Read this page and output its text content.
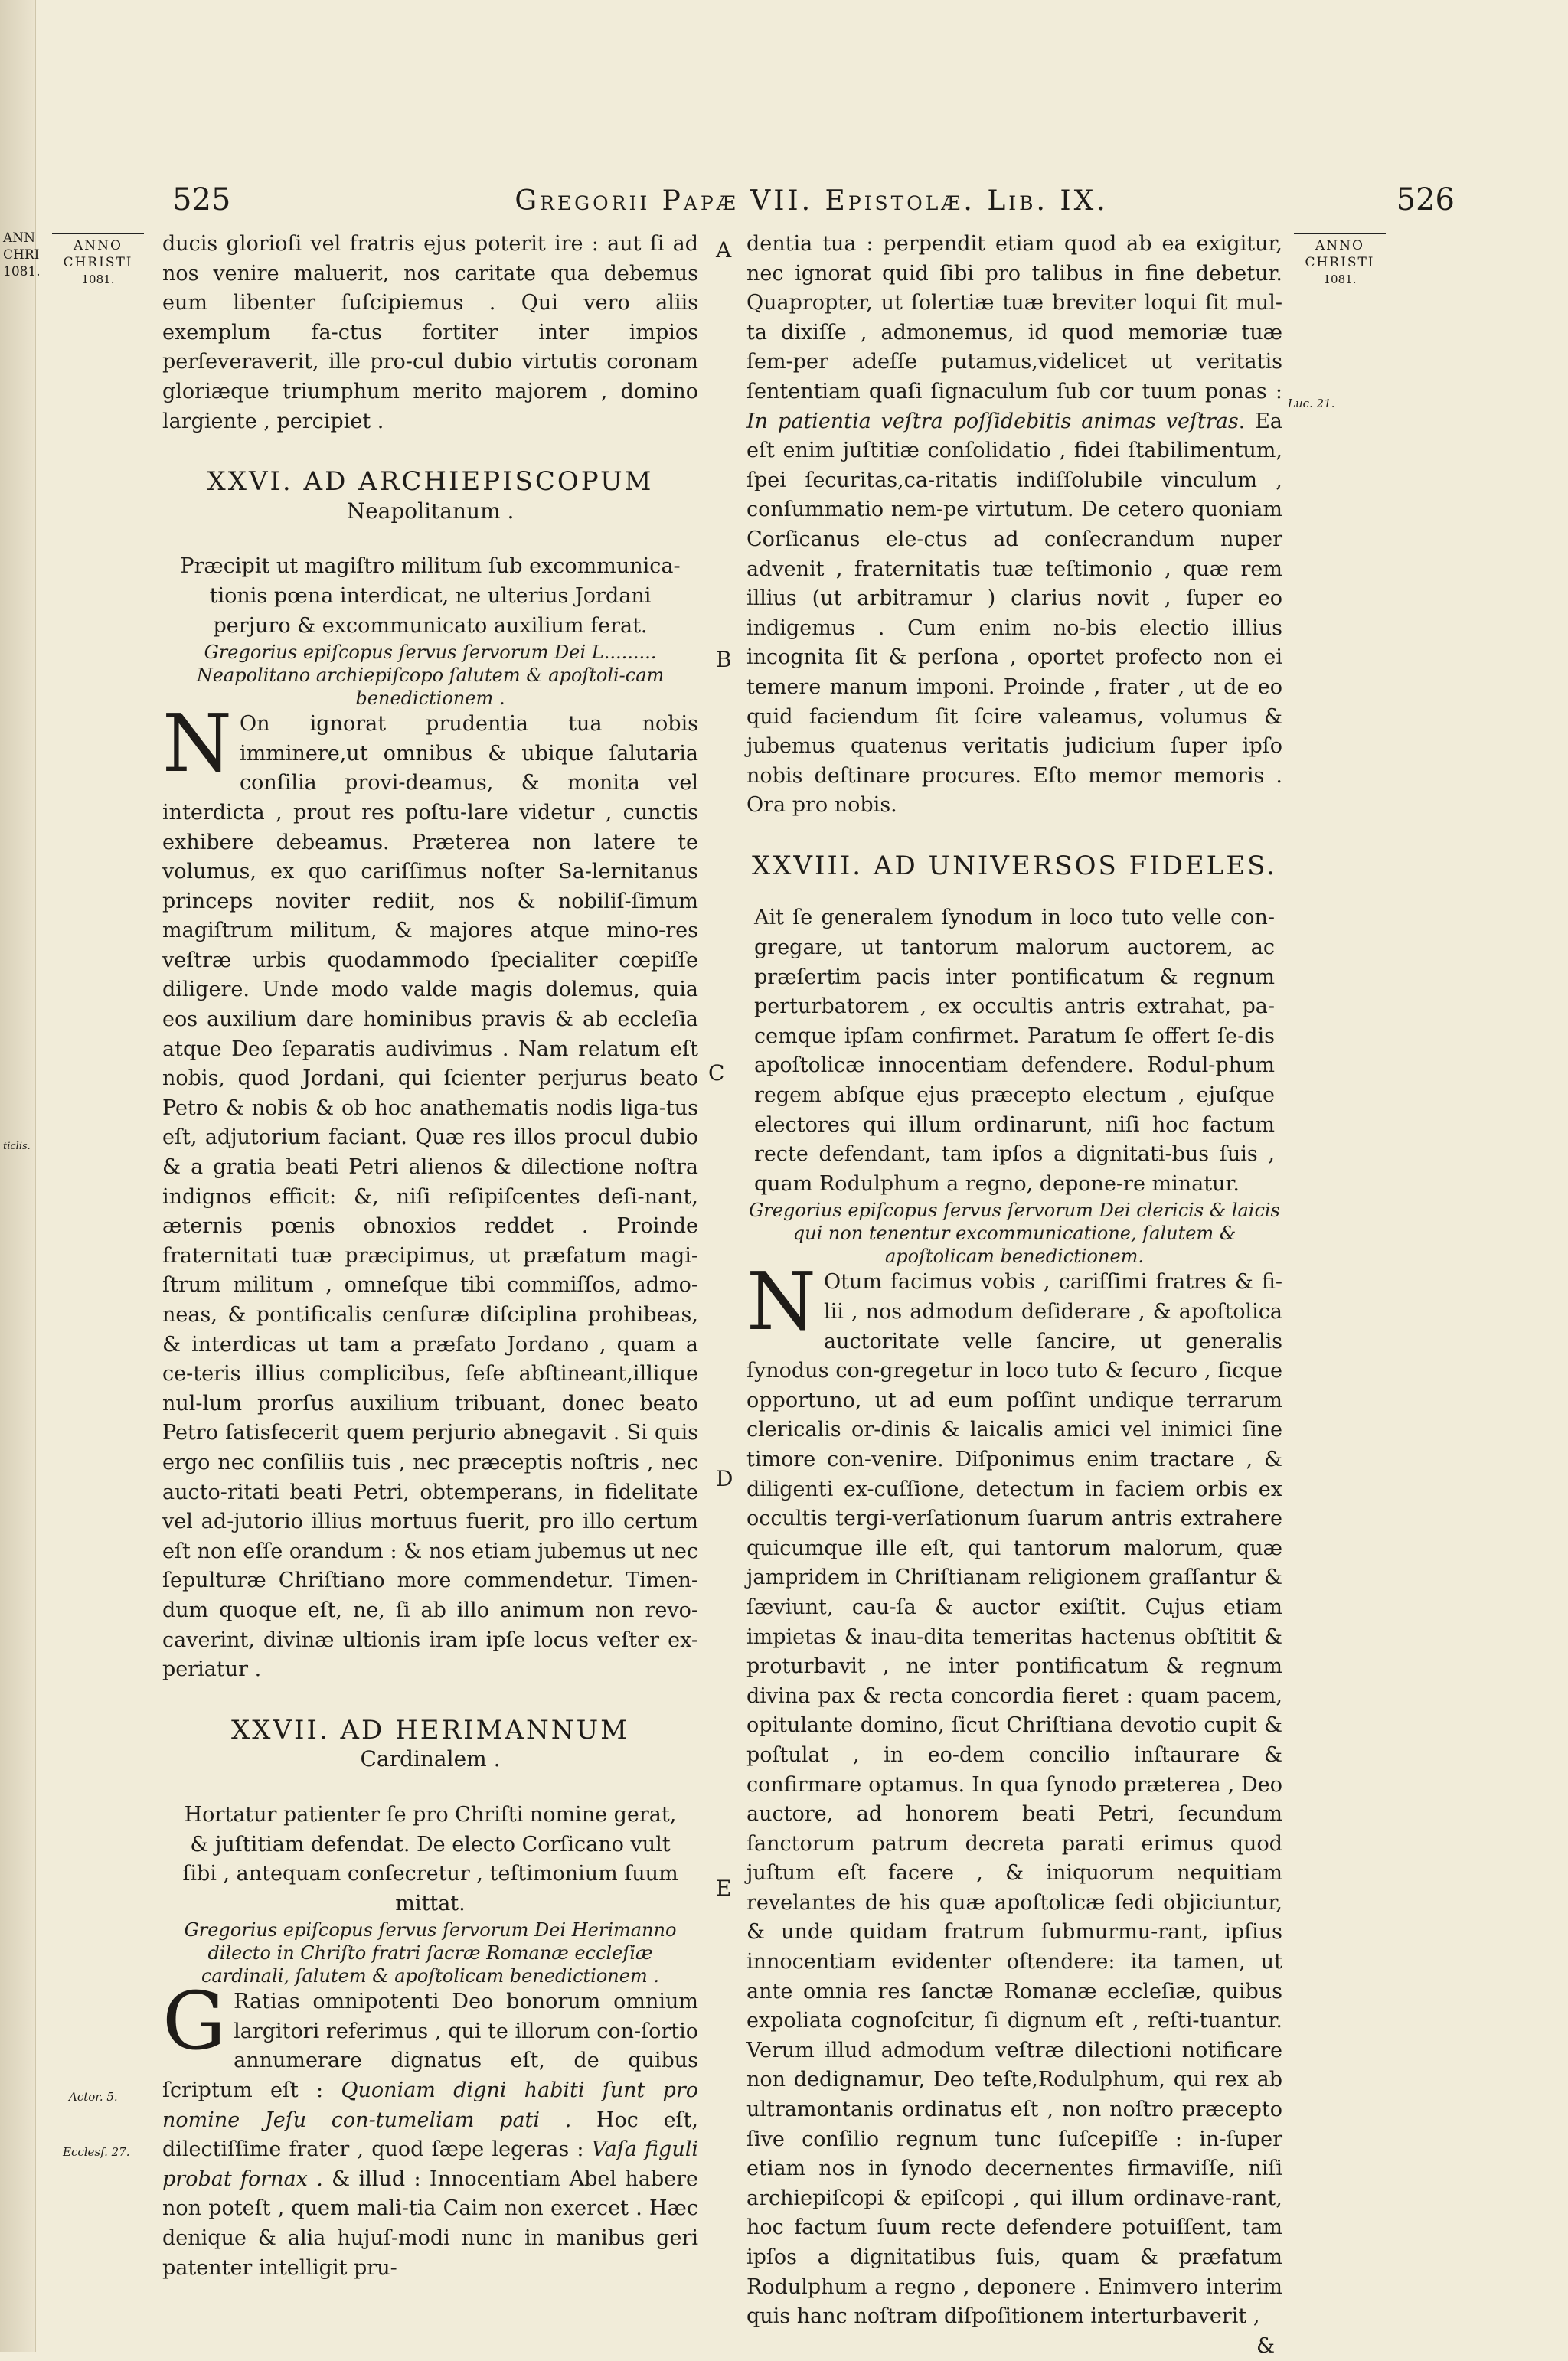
ANN
CHRI
1081.
ticlis.
525	Gregorii Papæ VII. Epistolæ. Lib. IX.	526
ANNO
CHRISTI
1081.
ANNO
CHRISTI
1081.
Luc. 21.
Actor. 5.
Ecclesf. 27.
A
B
C
D
E

ducis glorioſi vel fratris ejus poterit ire : aut ſi ad nos venire maluerit, nos caritate qua debemus eum libenter ſuſcipiemus . Qui vero aliis exemplum fa-ctus fortiter inter impios perſeveraverit, ille pro-cul dubio virtutis coronam gloriæque triumphum merito majorem , domino largiente , percipiet .

XXVI. AD ARCHIEPISCOPUM
Neapolitanum .

Præcipit ut magiſtro militum ſub excommunica-tionis pœna interdicat, ne ulterius Jordani perjuro & excommunicato auxilium ferat.

Gregorius epiſcopus ſervus ſervorum Dei L......... Neapolitano archiepiſcopo ſalutem & apoſtoli-cam benedictionem .

N On ignorat prudentia tua nobis imminere,ut omnibus & ubique ſalutaria conſilia provi-deamus, & monita vel interdicta , prout res poſtu-lare videtur , cunctis exhibere debeamus. Præterea non latere te volumus, ex quo cariſſimus noſter Sa-lernitanus princeps noviter rediit, nos & nobiliſ-ſimum magiſtrum militum, & majores atque mino-res veſtræ urbis quodammodo ſpecialiter cœpiſſe diligere. Unde modo valde magis dolemus, quia eos auxilium dare hominibus pravis & ab eccleſia atque Deo ſeparatis audivimus . Nam relatum eſt nobis, quod Jordani, qui ſcienter perjurus beato Petro & nobis & ob hoc anathematis nodis liga-tus eſt, adjutorium faciant. Quæ res illos procul dubio & a gratia beati Petri alienos & dilectione noſtra indignos efficit: &, niſi reſipiſcentes deſi-nant, æternis pœnis obnoxios reddet . Proinde fraternitati tuæ præcipimus, ut præfatum magi-ſtrum militum , omneſque tibi commiſſos, admo-neas, & pontificalis cenſuræ diſciplina prohibeas, & interdicas ut tam a præfato Jordano , quam a ce-teris illius complicibus, ſeſe abſtineant,illique nul-lum prorſus auxilium tribuant, donec beato Petro ſatisfecerit quem perjurio abnegavit . Si quis ergo nec conſiliis tuis , nec præceptis noſtris , nec aucto-ritati beati Petri, obtemperans, in fidelitate vel ad-jutorio illius mortuus fuerit, pro illo certum eſt non eſſe orandum : & nos etiam jubemus ut nec ſepulturæ Chriſtiano more commendetur. Timen-dum quoque eſt, ne, ſi ab illo animum non revo-caverint, divinæ ultionis iram ipſe locus veſter ex-periatur .

XXVII. AD HERIMANNUM
Cardinalem .

Hortatur patienter ſe pro Chriſti nomine gerat, & juſtitiam defendat. De electo Corſicano vult ſibi , antequam conſecretur , teſtimonium ſuum mittat.

Gregorius epiſcopus ſervus ſervorum Dei Herimanno dilecto in Chriſto fratri ſacræ Romanæ eccleſiæ cardinali, ſalutem & apoſtolicam benedictionem .

G Ratias omnipotenti Deo bonorum omnium largitori referimus , qui te illorum con-ſortio annumerare dignatus eſt, de quibus ſcriptum eſt : Quoniam digni habiti ſunt pro nomine Jeſu con-tumeliam pati . Hoc eſt, dilectiſſime frater , quod ſæpe legeras : Vaſa figuli probat fornax . & illud : Innocentiam Abel habere non poteſt , quem mali-tia Caim non exercet . Hæc denique & alia hujuſ-modi nunc in manibus geri patenter intelligit pru-

dentia tua : perpendit etiam quod ab ea exigitur, nec ignorat quid ſibi pro talibus in fine debetur. Quapropter, ut ſolertiæ tuæ breviter loqui ſit mul-ta dixiſſe , admonemus, id quod memoriæ tuæ ſem-per adeſſe putamus,videlicet ut veritatis ſententiam quaſi ſignaculum ſub cor tuum ponas : In patientia veſtra poſſidebitis animas veſtras. Ea eſt enim juſtitiæ conſolidatio , fidei ſtabilimentum, ſpei ſecuritas,ca-ritatis indiſſolubile vinculum , conſummatio nem-pe virtutum. De cetero quoniam Corſicanus ele-ctus ad conſecrandum nuper advenit , fraternitatis tuæ teſtimonio , quæ rem illius (ut arbitramur ) clarius novit , ſuper eo indigemus . Cum enim no-bis electio illius incognita ſit & perſona , oportet profecto non ei temere manum imponi. Proinde , frater , ut de eo quid faciendum ſit ſcire valeamus, volumus & jubemus quatenus veritatis judicium ſuper ipſo nobis deſtinare procures. Eſto memor memoris . Ora pro nobis.

XXVIII. AD UNIVERSOS FIDELES.

Ait ſe generalem ſynodum in loco tuto velle con-gregare, ut tantorum malorum auctorem, ac præſertim pacis inter pontificatum & regnum perturbatorem , ex occultis antris extrahat, pa-cemque ipſam confirmet. Paratum ſe offert ſe-dis apoſtolicæ innocentiam defendere. Rodul-phum regem abſque ejus præcepto electum , ejuſque electores qui illum ordinarunt, niſi hoc factum recte defendant, tam ipſos a dignitati-bus ſuis , quam Rodulphum a regno, depone-re minatur.

Gregorius epiſcopus ſervus ſervorum Dei clericis & laicis qui non tenentur excommunicatione, ſalutem & apoſtolicam benedictionem.

N Otum facimus vobis , cariſſimi fratres & fi-lii , nos admodum deſiderare , & apoſtolica auctoritate velle ſancire, ut generalis ſynodus con-gregetur in loco tuto & ſecuro , ſicque opportuno, ut ad eum poſſint undique terrarum clericalis or-dinis & laicalis amici vel inimici ſine timore con-venire. Diſponimus enim tractare , & diligenti ex-cuſſione, detectum in faciem orbis ex occultis tergi-verſationum ſuarum antris extrahere quicumque ille eſt, qui tantorum malorum, quæ jampridem in Chriſtianam religionem graſſantur & ſæviunt, cau-ſa & auctor exiſtit. Cujus etiam impietas & inau-dita temeritas hactenus obſtitit & proturbavit , ne inter pontificatum & regnum divina pax & recta concordia fieret : quam pacem, opitulante domino, ſicut Chriſtiana devotio cupit & poſtulat , in eo-dem concilio inſtaurare & confirmare optamus. In qua ſynodo præterea , Deo auctore, ad honorem beati Petri, ſecundum ſanctorum patrum decreta parati erimus quod juſtum eſt facere , & iniquorum nequitiam revelantes de his quæ apoſtolicæ ſedi objiciuntur, & unde quidam fratrum ſubmurmu-rant, ipſius innocentiam evidenter oſtendere: ita tamen, ut ante omnia res ſanctæ Romanæ eccleſiæ, quibus expoliata cognoſcitur, ſi dignum eſt , reſti-tuantur. Verum illud admodum veſtræ dilectioni notificare non dedignamur, Deo teſte,Rodulphum, qui rex ab ultramontanis ordinatus eſt , non noſtro præcepto ſive conſilio regnum tunc ſuſcepiſſe : in-ſuper etiam nos in ſynodo decernentes firmaviſſe, niſi archiepiſcopi & epiſcopi , qui illum ordinave-rant, hoc factum ſuum recte defendere potuiſſent, tam ipſos a dignitatibus ſuis, quam & præfatum Rodulphum a regno , deponere . Enimvero interim quis hanc noſtram diſpoſitionem interturbaverit ,

&
